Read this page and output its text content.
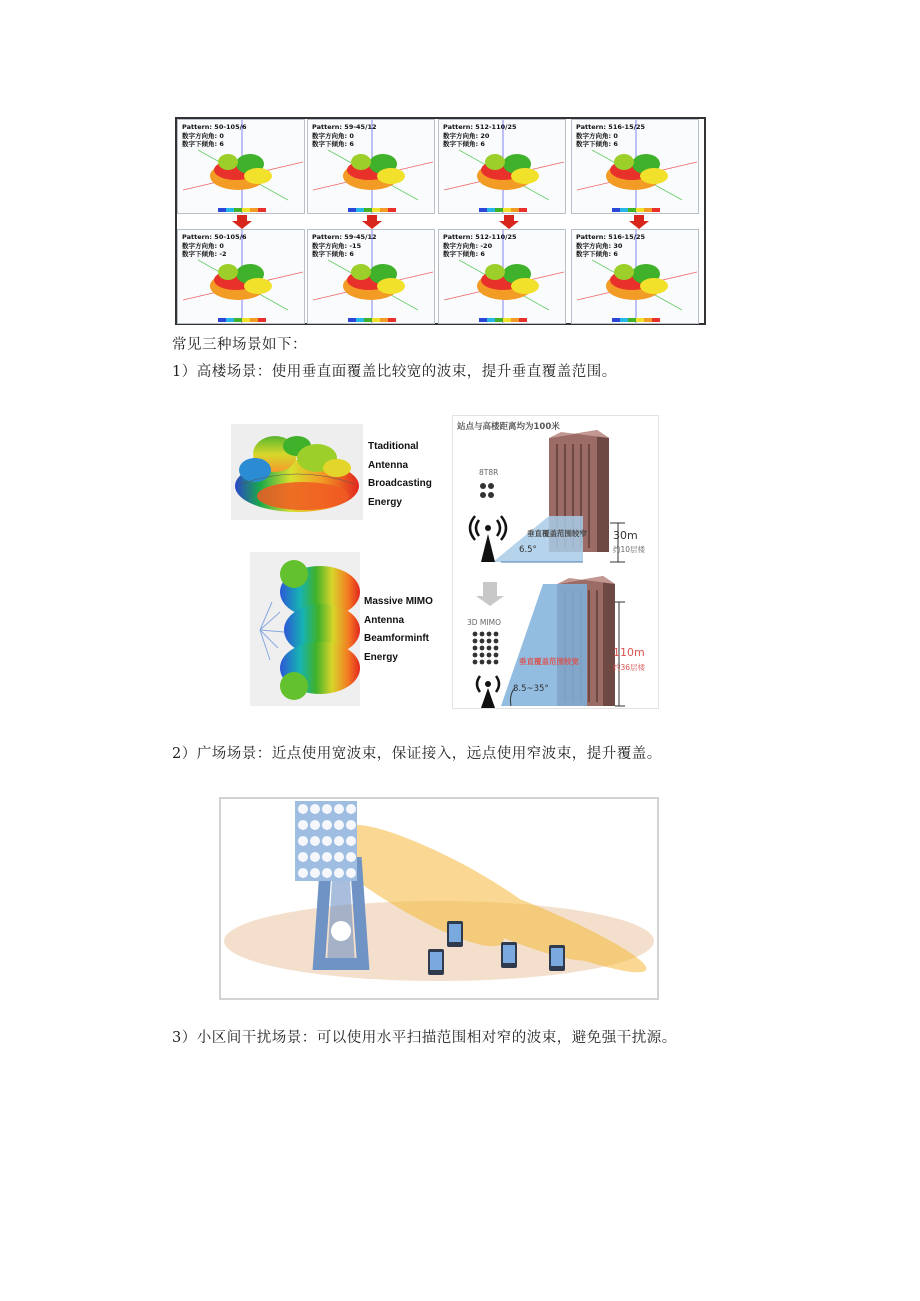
Pattern: 50-105/6
数字方向角: 0
数字下倾角: 6
Pattern: 59-45/12
数字方向角: 0
数字下倾角: 6
Pattern: 512-110/25
数字方向角: 20
数字下倾角: 6
Pattern: 516-15/25
数字方向角: 0
数字下倾角: 6
Pattern: 50-105/6
数字方向角: 0
数字下倾角: -2
Pattern: 59-45/12
数字方向角: -15
数字下倾角: 6
Pattern: 512-110/25
数字方向角: -20
数字下倾角: 6
Pattern: 516-15/25
数字方向角: 30
数字下倾角: 6
常见三种场景如下：
1）高楼场景：使用垂直面覆盖比较宽的波束，提升垂直覆盖范围。
Ttaditional
Antenna
Broadcasting
Energy
Massive MIMO
Antenna
Beamforminft
Energy
站点与高楼距离均为100米
8T8R
垂直覆盖范围较窄
6.5°
30m
约10层楼
3D MIMO
垂直覆盖范围较宽
8.5~35°
110m
约36层楼
2）广场场景：近点使用宽波束，保证接入，远点使用窄波束，提升覆盖。
3）小区间干扰场景：可以使用水平扫描范围相对窄的波束，避免强干扰源。
